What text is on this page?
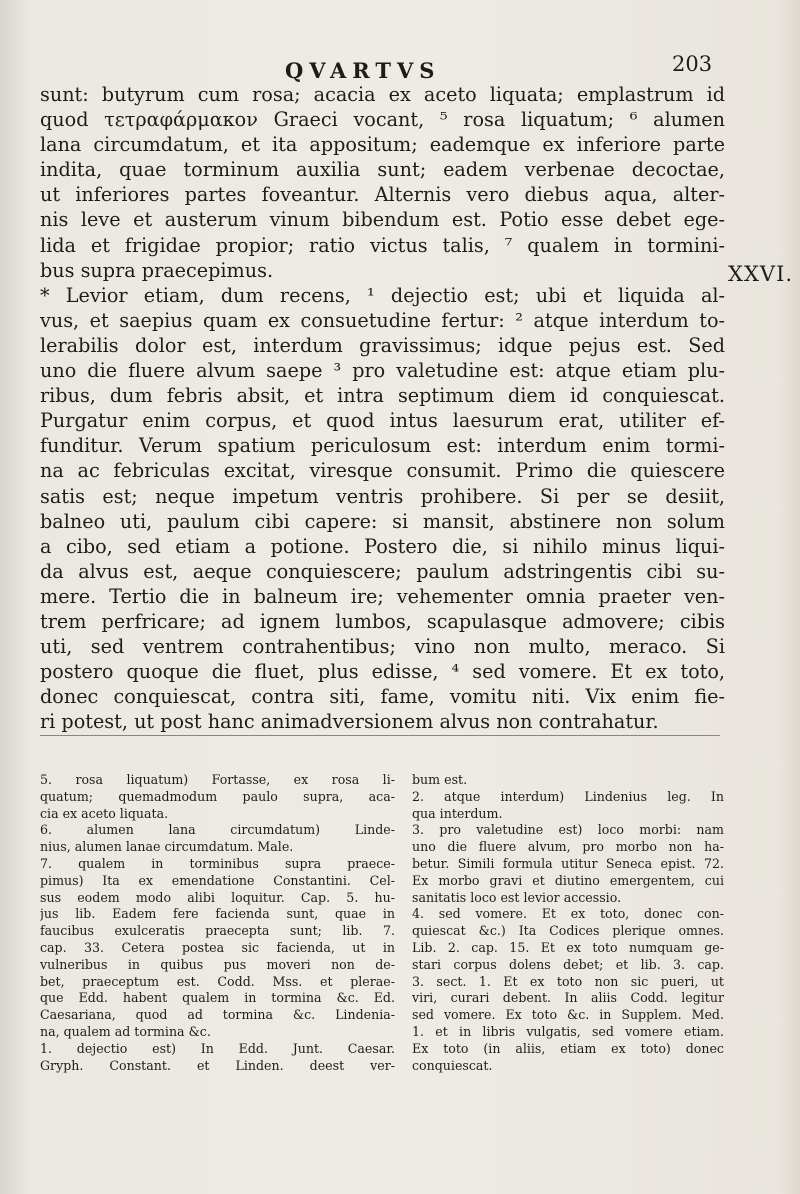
QVARTVS	203
XXVI.
sunt: butyrum cum rosa; acacia ex aceto liquata; emplastrum id
quod τετραφάρμακον Graeci vocant, ⁵ rosa liquatum; ⁶ alumen
lana circumdatum, et ita appositum; eademque ex inferiore parte
indita, quae torminum auxilia sunt; eadem verbenae decoctae,
ut inferiores partes foveantur. Alternis vero diebus aqua, alter-
nis leve et austerum vinum bibendum est. Potio esse debet ege-
lida et frigidae propior; ratio victus talis, ⁷ qualem in tormini-
bus supra praecepimus.
* Levior etiam, dum recens, ¹ dejectio est; ubi et liquida al-
vus, et saepius quam ex consuetudine fertur: ² atque interdum to-
lerabilis dolor est, interdum gravissimus; idque pejus est. Sed
uno die fluere alvum saepe ³ pro valetudine est: atque etiam plu-
ribus, dum febris absit, et intra septimum diem id conquiescat.
Purgatur enim corpus, et quod intus laesurum erat, utiliter ef-
funditur. Verum spatium periculosum est: interdum enim tormi-
na ac febriculas excitat, viresque consumit. Primo die quiescere
satis est; neque impetum ventris prohibere. Si per se desiit,
balneo uti, paulum cibi capere: si mansit, abstinere non solum
a cibo, sed etiam a potione. Postero die, si nihilo minus liqui-
da alvus est, aeque conquiescere; paulum adstringentis cibi su-
mere. Tertio die in balneum ire; vehementer omnia praeter ven-
trem perfricare; ad ignem lumbos, scapulasque admovere; cibis
uti, sed ventrem contrahentibus; vino non multo, meraco. Si
postero quoque die fluet, plus edisse, ⁴ sed vomere. Et ex toto,
donec conquiescat, contra siti, fame, vomitu niti. Vix enim fie-
ri potest, ut post hanc animadversionem alvus non contrahatur.
5. rosa liquatum) Fortasse, ex rosa li-
quatum; quemadmodum paulo supra, aca-
cia ex aceto liquata.
6. alumen lana circumdatum) Linde-
nius, alumen lanae circumdatum. Male.
7. qualem in torminibus supra praece-
pimus) Ita ex emendatione Constantini. Cel-
sus eodem modo alibi loquitur. Cap. 5. hu-
jus lib. Eadem fere facienda sunt, quae in
faucibus exulceratis praecepta sunt; lib. 7.
cap. 33. Cetera postea sic facienda, ut in
vulneribus in quibus pus moveri non de-
bet, praeceptum est. Codd. Mss. et plerae-
que Edd. habent qualem in tormina &c. Ed.
Caesariana, quod ad tormina &c. Lindenia-
na, qualem ad tormina &c.
1. dejectio est) In Edd. Junt. Caesar.
Gryph. Constant. et Linden. deest ver-
bum est.
2. atque interdum) Lindenius leg. In
qua interdum.
3. pro valetudine est) loco morbi: nam
uno die fluere alvum, pro morbo non ha-
betur. Simili formula utitur Seneca epist. 72.
Ex morbo gravi et diutino emergentem, cui
sanitatis loco est levior accessio.
4. sed vomere. Et ex toto, donec con-
quiescat &c.) Ita Codices plerique omnes.
Lib. 2. cap. 15. Et ex toto numquam ge-
stari corpus dolens debet; et lib. 3. cap.
3. sect. 1. Et ex toto non sic pueri, ut
viri, curari debent. In aliis Codd. legitur
sed vomere. Ex toto &c. in Supplem. Med.
1. et in libris vulgatis, sed vomere etiam.
Ex toto (in aliis, etiam ex toto) donec
conquiescat.
